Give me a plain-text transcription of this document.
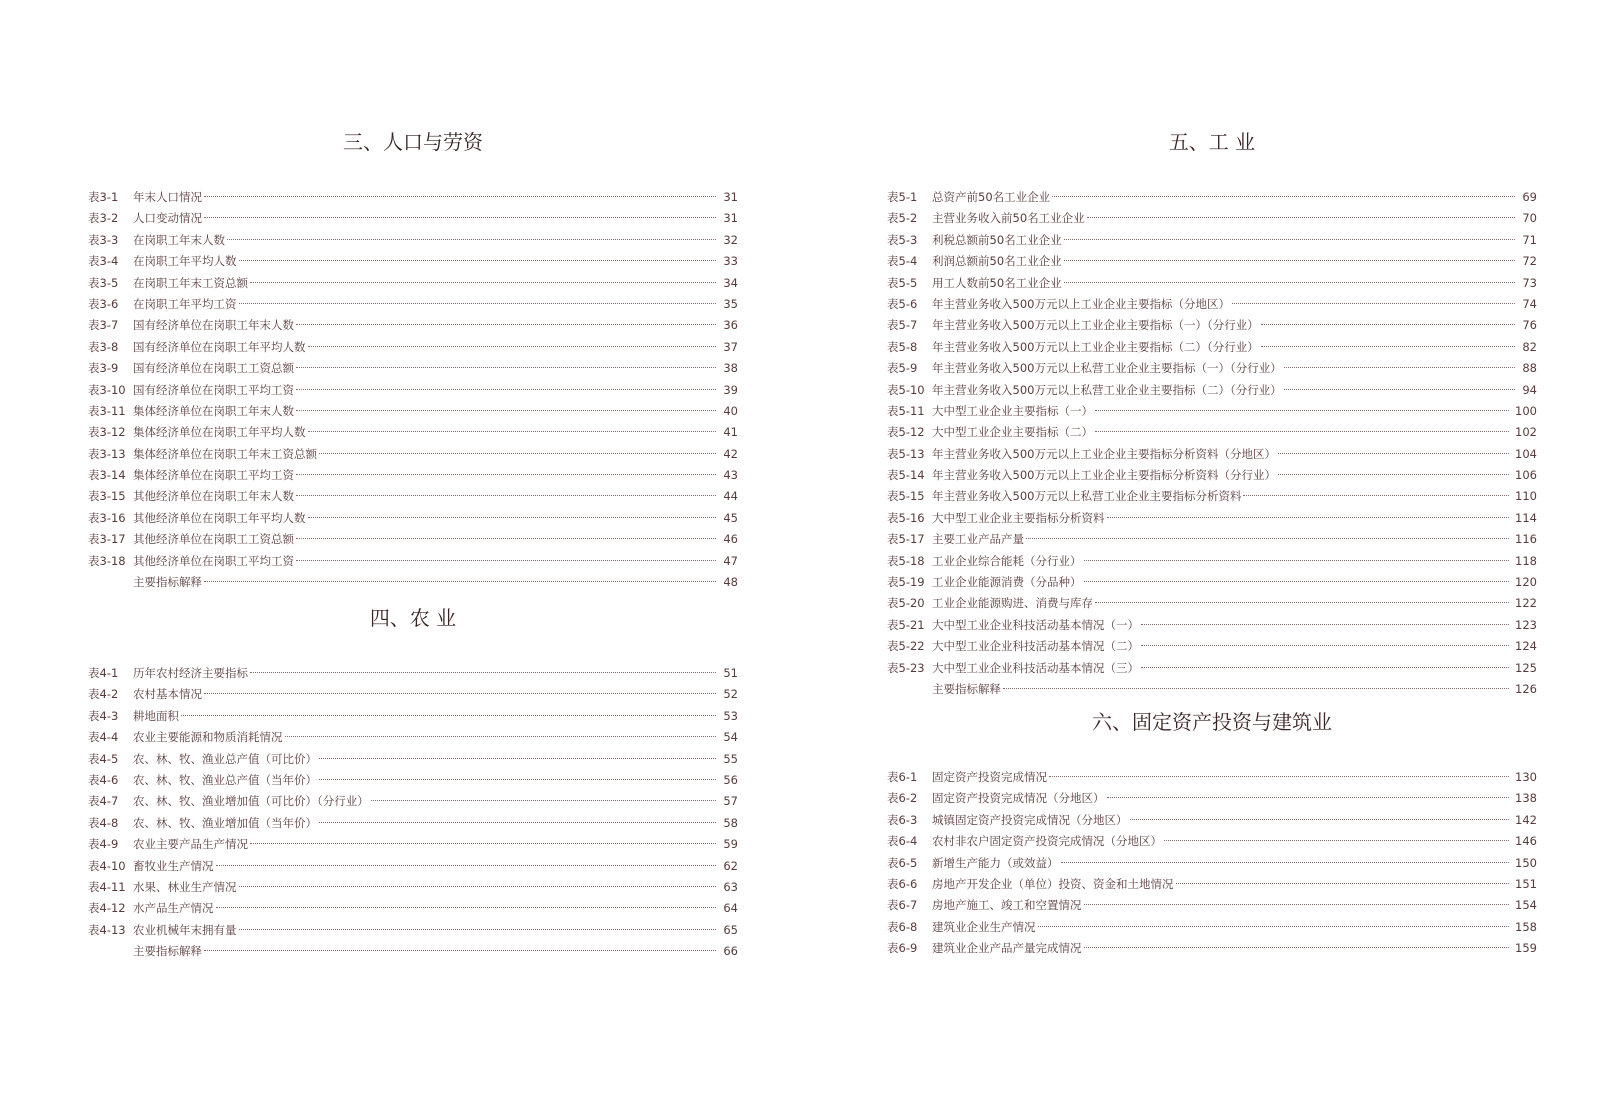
三、人口与劳资
表3-1	年末人口情况	31
表3-2	人口变动情况	31
表3-3	在岗职工年末人数	32
表3-4	在岗职工年平均人数	33
表3-5	在岗职工年末工资总额	34
表3-6	在岗职工年平均工资	35
表3-7	国有经济单位在岗职工年末人数	36
表3-8	国有经济单位在岗职工年平均人数	37
表3-9	国有经济单位在岗职工工资总额	38
表3-10 国有经济单位在岗职工平均工资	39
表3-11 集体经济单位在岗职工年末人数	40
表3-12 集体经济单位在岗职工年平均人数	41
表3-13 集体经济单位在岗职工年末工资总额	42
表3-14 集体经济单位在岗职工平均工资	43
表3-15 其他经济单位在岗职工年末人数	44
表3-16 其他经济单位在岗职工年平均人数	45
表3-17 其他经济单位在岗职工工资总额	46
表3-18 其他经济单位在岗职工平均工资	47
主要指标解释	48
四、农 业
表4-1	历年农村经济主要指标	51
表4-2	农村基本情况	52
表4-3	耕地面积	53
表4-4	农业主要能源和物质消耗情况	54
表4-5	农、林、牧、渔业总产值（可比价）	55
表4-6	农、林、牧、渔业总产值（当年价）	56
表4-7	农、林、牧、渔业增加值（可比价）（分行业）	57
表4-8	农、林、牧、渔业增加值（当年价）	58
表4-9	农业主要产品生产情况	59
表4-10 畜牧业生产情况	62
表4-11 水果、林业生产情况	63
表4-12 水产品生产情况	64
表4-13 农业机械年末拥有量	65
主要指标解释	66
五、工 业
表5-1	总资产前50名工业企业	69
表5-2	主营业务收入前50名工业企业	70
表5-3	利税总额前50名工业企业	71
表5-4	利润总额前50名工业企业	72
表5-5	用工人数前50名工业企业	73
表5-6	年主营业务收入500万元以上工业企业主要指标（分地区）	74
表5-7	年主营业务收入500万元以上工业企业主要指标（一）（分行业）	76
表5-8	年主营业务收入500万元以上工业企业主要指标（二）（分行业）	82
表5-9	年主营业务收入500万元以上私营工业企业主要指标（一）（分行业）	88
表5-10 年主营业务收入500万元以上私营工业企业主要指标（二）（分行业）	94
表5-11 大中型工业企业主要指标（一）	100
表5-12 大中型工业企业主要指标（二）	102
表5-13 年主营业务收入500万元以上工业企业主要指标分析资料（分地区）	104
表5-14 年主营业务收入500万元以上工业企业主要指标分析资料（分行业）	106
表5-15 年主营业务收入500万元以上私营工业企业主要指标分析资料	110
表5-16 大中型工业企业主要指标分析资料	114
表5-17 主要工业产品产量	116
表5-18 工业企业综合能耗（分行业）	118
表5-19 工业企业能源消费（分品种）	120
表5-20 工业企业能源购进、消费与库存	122
表5-21 大中型工业企业科技活动基本情况（一）	123
表5-22 大中型工业企业科技活动基本情况（二）	124
表5-23 大中型工业企业科技活动基本情况（三）	125
主要指标解释	126
六、固定资产投资与建筑业
表6-1	固定资产投资完成情况	130
表6-2	固定资产投资完成情况（分地区）	138
表6-3	城镇固定资产投资完成情况（分地区）	142
表6-4	农村非农户固定资产投资完成情况（分地区）	146
表6-5	新增生产能力（或效益）	150
表6-6	房地产开发企业（单位）投资、资金和土地情况	151
表6-7	房地产施工、竣工和空置情况	154
表6-8	建筑业企业生产情况	158
表6-9	建筑业企业产品产量完成情况	159
